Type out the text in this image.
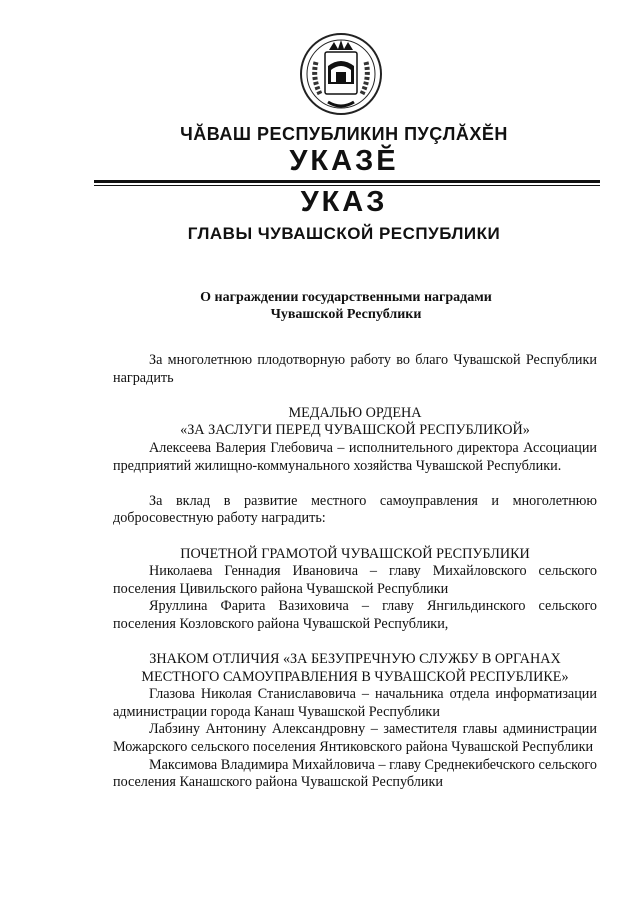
ЧĂВАШ РЕСПУБЛИКИН ПУÇЛĂХĔН
УКАЗĔ
УКАЗ
ГЛАВЫ ЧУВАШСКОЙ РЕСПУБЛИКИ
О награждении государственными наградами
Чувашской Республики

За многолетнюю плодотворную работу во благо Чувашской Республики наградить

МЕДАЛЬЮ ОРДЕНА

«ЗА ЗАСЛУГИ ПЕРЕД ЧУВАШСКОЙ РЕСПУБЛИКОЙ»

Алексеева Валерия Глебовича – исполнительного директора Ассоциации предприятий жилищно-коммунального хозяйства Чувашской Республики.

За вклад в развитие местного самоуправления и многолетнюю добросовестную работу наградить:

ПОЧЕТНОЙ ГРАМОТОЙ ЧУВАШСКОЙ РЕСПУБЛИКИ

Николаева Геннадия Ивановича – главу Михайловского сельского поселения Цивильского района Чувашской Республики

Яруллина Фарита Вазиховича – главу Янгильдинского сельского поселения Козловского района Чувашской Республики,

ЗНАКОМ ОТЛИЧИЯ «ЗА БЕЗУПРЕЧНУЮ СЛУЖБУ В ОРГАНАХ

МЕСТНОГО САМОУПРАВЛЕНИЯ В ЧУВАШСКОЙ РЕСПУБЛИКЕ»

Глазова Николая Станиславовича – начальника отдела информатизации администрации города Канаш Чувашской Республики

Лабзину Антонину Александровну – заместителя главы администрации Можарского сельского поселения Янтиковского района Чувашской Республики

Максимова Владимира Михайловича – главу Среднекибечского сельского поселения Канашского района Чувашской Республики
